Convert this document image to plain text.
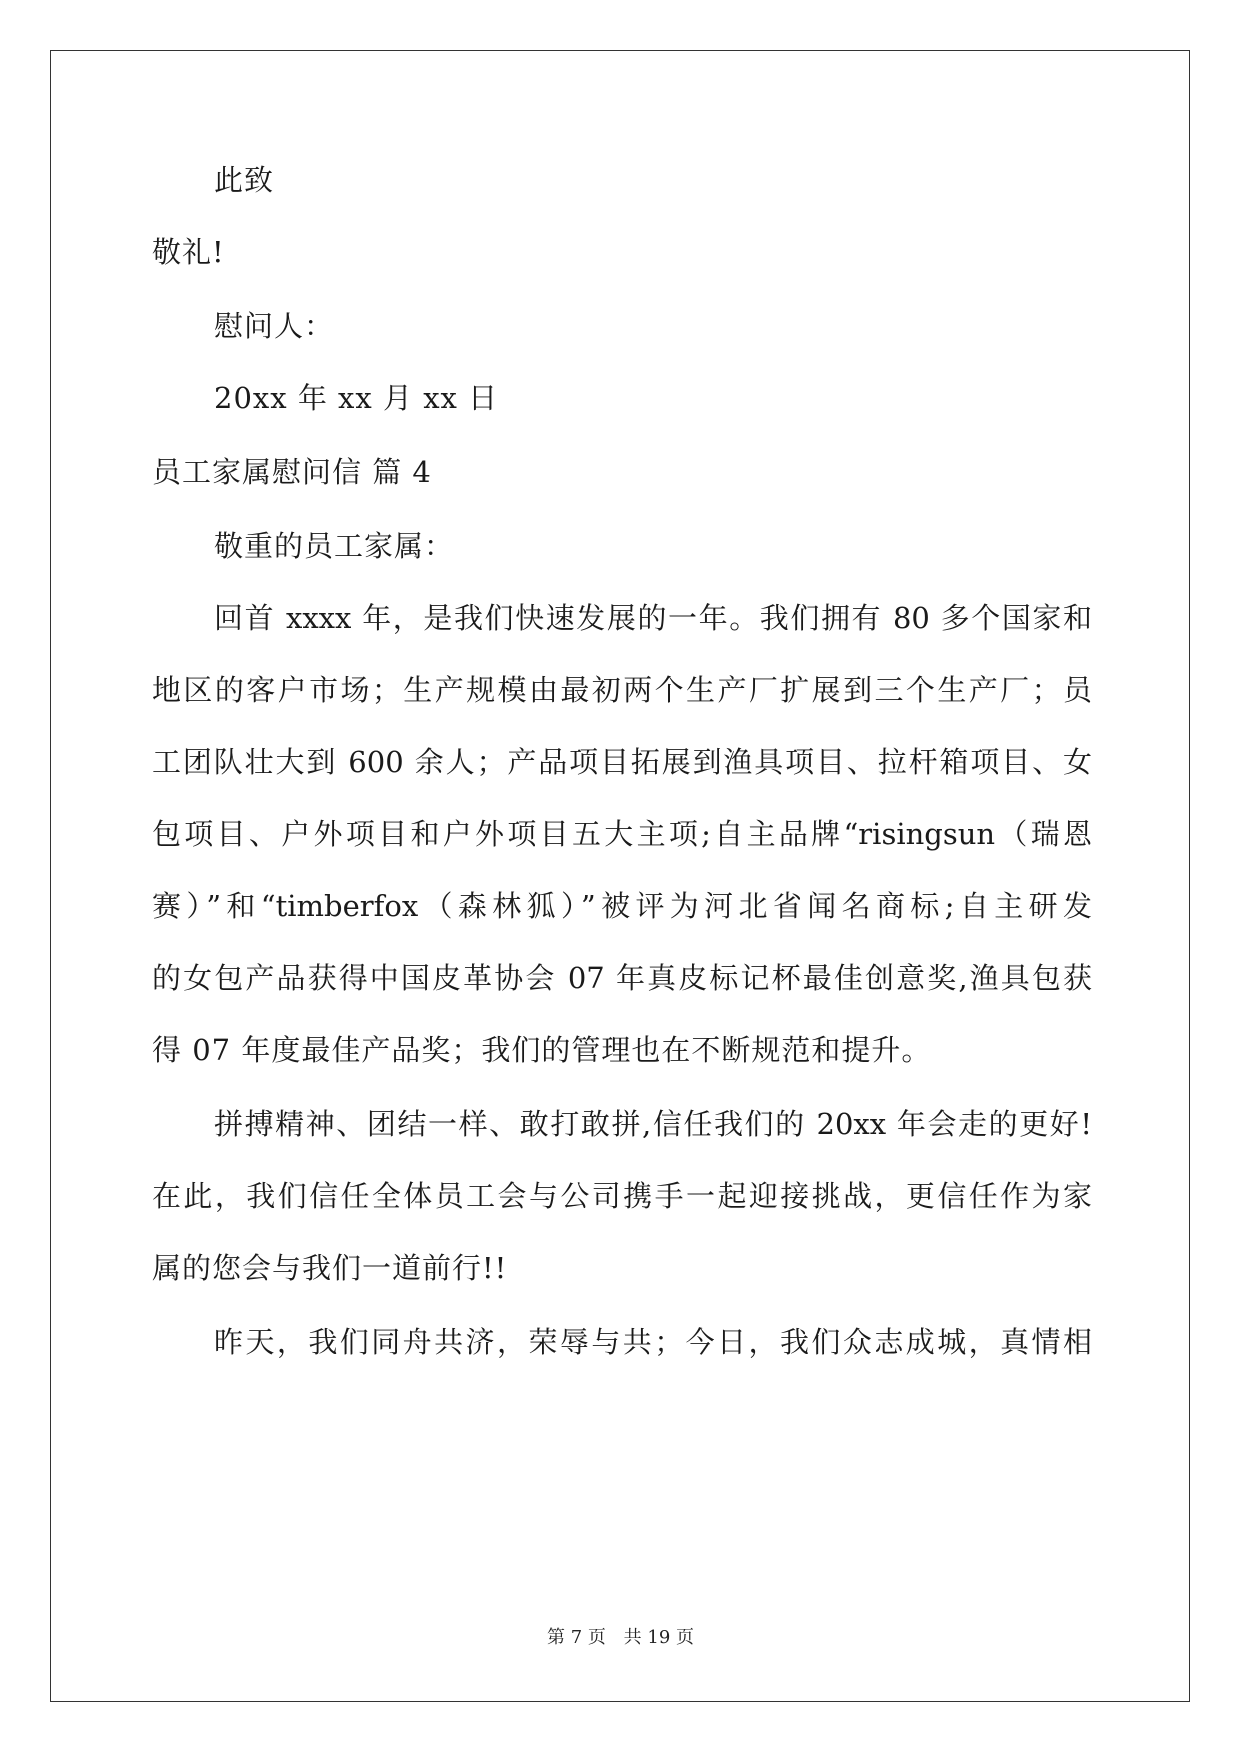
此致
敬礼!
慰问人：
20xx 年 xx 月 xx 日
员工家属慰问信 篇 4
敬重的员工家属：
回首 xxxx 年，是我们快速发展的一年。我们拥有 80 多个国家和
地区的客户市场；生产规模由最初两个生产厂扩展到三个生产厂；员
工团队壮大到 600 余人；产品项目拓展到渔具项目、拉杆箱项目、女
包项目、户外项目和户外项目五大主项;自主品牌“risingsun（瑞恩
赛）”和“timberfox（森林狐）”被评为河北省闻名商标;自主研发
的女包产品获得中国皮革协会 07 年真皮标记杯最佳创意奖,渔具包获
得 07 年度最佳产品奖；我们的管理也在不断规范和提升。
拼搏精神、团结一样、敢打敢拼,信任我们的 20xx 年会走的更好!
在此，我们信任全体员工会与公司携手一起迎接挑战，更信任作为家
属的您会与我们一道前行!!
昨天，我们同舟共济，荣辱与共；今日，我们众志成城，真情相
第 7 页 共 19 页
